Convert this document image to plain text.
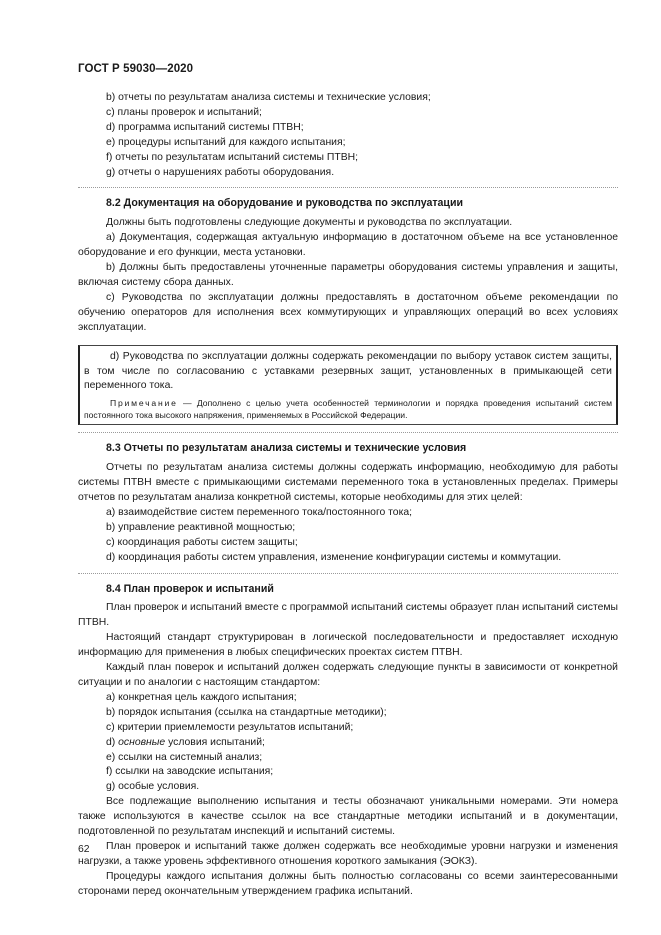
ГОСТ Р 59030—2020

b) отчеты по результатам анализа системы и технические условия;

c) планы проверок и испытаний;

d) программа испытаний системы ПТВН;

e) процедуры испытаний для каждого испытания;

f) отчеты по результатам испытаний системы ПТВН;

g) отчеты о нарушениях работы оборудования.

8.2 Документация на оборудование и руководства по эксплуатации

Должны быть подготовлены следующие документы и руководства по эксплуатации.

a) Документация, содержащая актуальную информацию в достаточном объеме на все установленное оборудование и его функции, места установки.

b) Должны быть предоставлены уточненные параметры оборудования системы управления и защиты, включая систему сбора данных.

c) Руководства по эксплуатации должны предоставлять в достаточном объеме рекомендации по обучению операторов для исполнения всех коммутирующих и управляющих операций во всех условиях эксплуатации.

d) Руководства по эксплуатации должны содержать рекомендации по выбору уставок систем защиты, в том числе по согласованию с уставками резервных защит, установленных в примыкающей сети переменного тока.

Примечание — Дополнено с целью учета особенностей терминологии и порядка проведения испытаний систем постоянного тока высокого напряжения, применяемых в Российской Федерации.

8.3 Отчеты по результатам анализа системы и технические условия

Отчеты по результатам анализа системы должны содержать информацию, необходимую для работы системы ПТВН вместе с примыкающими системами переменного тока в установленных пределах. Примеры отчетов по результатам анализа конкретной системы, которые необходимы для этих целей:

a) взаимодействие систем переменного тока/постоянного тока;

b) управление реактивной мощностью;

c) координация работы систем защиты;

d) координация работы систем управления, изменение конфигурации системы и коммутации.

8.4 План проверок и испытаний

План проверок и испытаний вместе с программой испытаний системы образует план испытаний системы ПТВН.

Настоящий стандарт структурирован в логической последовательности и предоставляет исходную информацию для применения в любых специфических проектах систем ПТВН.

Каждый план поверок и испытаний должен содержать следующие пункты в зависимости от конкретной ситуации и по аналогии с настоящим стандартом:

a) конкретная цель каждого испытания;

b) порядок испытания (ссылка на стандартные методики);

c) критерии приемлемости результатов испытаний;

d) основные условия испытаний;

e) ссылки на системный анализ;

f) ссылки на заводские испытания;

g) особые условия.

Все подлежащие выполнению испытания и тесты обозначают уникальными номерами. Эти номера также используются в качестве ссылок на все стандартные методики испытаний и в документации, подготовленной по результатам инспекций и испытаний системы.

План проверок и испытаний также должен содержать все необходимые уровни нагрузки и изменения нагрузки, а также уровень эффективного отношения короткого замыкания (ЭОКЗ).

Процедуры каждого испытания должны быть полностью согласованы со всеми заинтересованными сторонами перед окончательным утверждением графика испытаний.

62
